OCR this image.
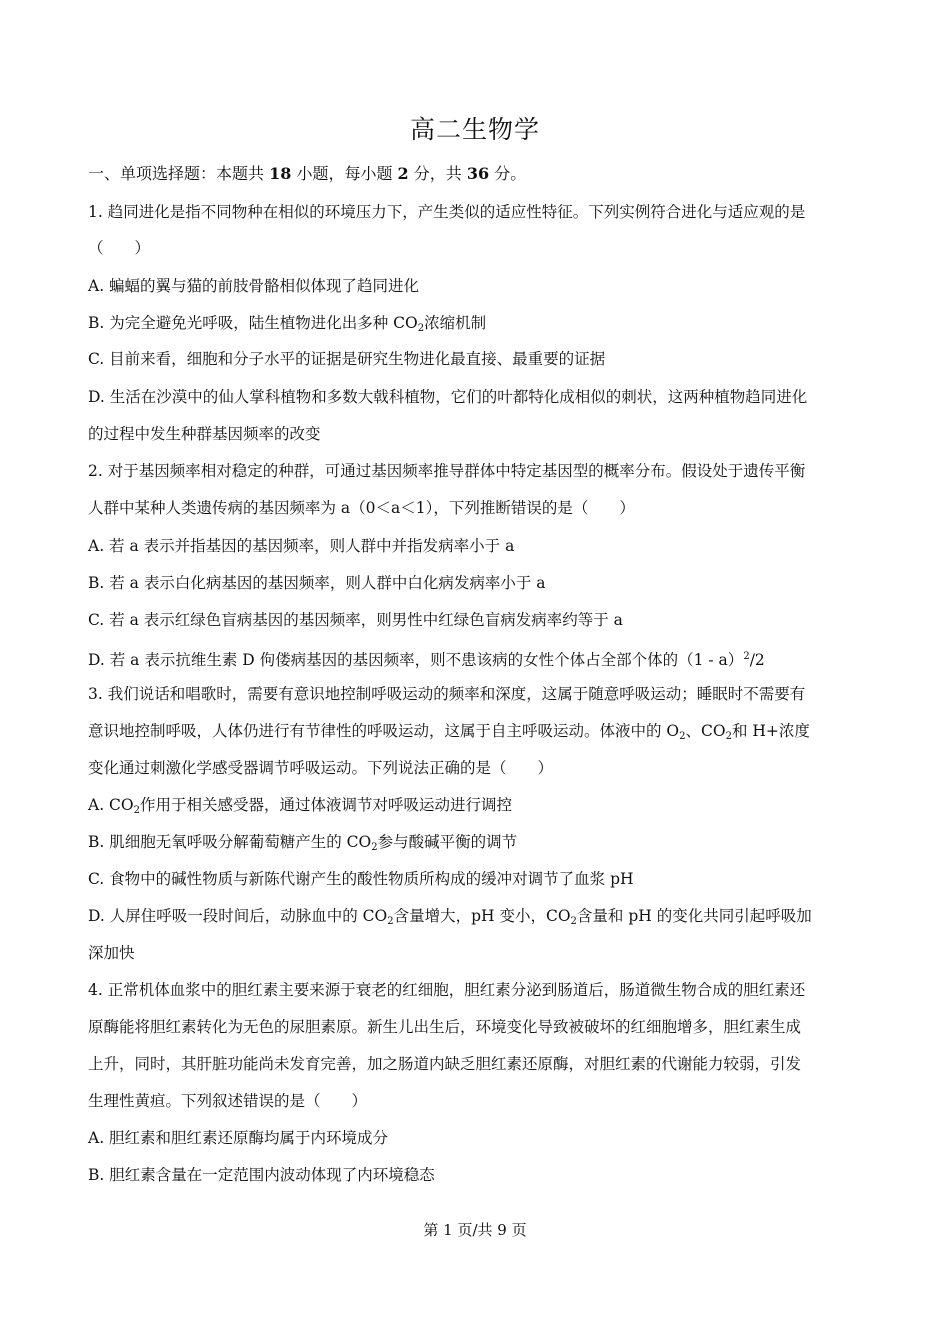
高二生物学
一、单项选择题：本题共 18 小题，每小题 2 分，共 36 分。
1. 趋同进化是指不同物种在相似的环境压力下，产生类似的适应性特征。下列实例符合进化与适应观的是
（　　）
A. 蝙蝠的翼与猫的前肢骨骼相似体现了趋同进化
B. 为完全避免光呼吸，陆生植物进化出多种 $CO_2$浓缩机制
C. 目前来看，细胞和分子水平的证据是研究生物进化最直接、最重要的证据
D. 生活在沙漠中的仙人掌科植物和多数大戟科植物，它们的叶都特化成相似的刺状，这两种植物趋同进化
的过程中发生种群基因频率的改变
2. 对于基因频率相对稳定的种群，可通过基因频率推导群体中特定基因型的概率分布。假设处于遗传平衡
人群中某种人类遗传病的基因频率为 a（0＜a＜1），下列推断错误的是（　　）
A. 若 a 表示并指基因的基因频率，则人群中并指发病率小于 a
B. 若 a 表示白化病基因的基因频率，则人群中白化病发病率小于 a
C. 若 a 表示红绿色盲病基因的基因频率，则男性中红绿色盲病发病率约等于 a
D. 若 a 表示抗维生素 D 佝偻病基因的基因频率，则不患该病的女性个体占全部个体的（1 - a）$^2$/2
3. 我们说话和唱歌时，需要有意识地控制呼吸运动的频率和深度，这属于随意呼吸运动；睡眠时不需要有
意识地控制呼吸，人体仍进行有节律性的呼吸运动，这属于自主呼吸运动。体液中的 $O_2$、$CO_2$和 H+浓度
变化通过刺激化学感受器调节呼吸运动。下列说法正确的是（　　）
A. $CO_2$作用于相关感受器，通过体液调节对呼吸运动进行调控
B. 肌细胞无氧呼吸分解葡萄糖产生的 $CO_2$参与酸碱平衡的调节
C. 食物中的碱性物质与新陈代谢产生的酸性物质所构成的缓冲对调节了血浆 pH
D. 人屏住呼吸一段时间后，动脉血中的 $CO_2$含量增大，pH 变小，$CO_2$含量和 pH 的变化共同引起呼吸加
深加快
4. 正常机体血浆中的胆红素主要来源于衰老的红细胞，胆红素分泌到肠道后，肠道微生物合成的胆红素还
原酶能将胆红素转化为无色的尿胆素原。新生儿出生后，环境变化导致被破坏的红细胞增多，胆红素生成
上升，同时，其肝脏功能尚未发育完善，加之肠道内缺乏胆红素还原酶，对胆红素的代谢能力较弱，引发
生理性黄疸。下列叙述错误的是（　　）
A. 胆红素和胆红素还原酶均属于内环境成分
B. 胆红素含量在一定范围内波动体现了内环境稳态
第 1 页/共 9 页
